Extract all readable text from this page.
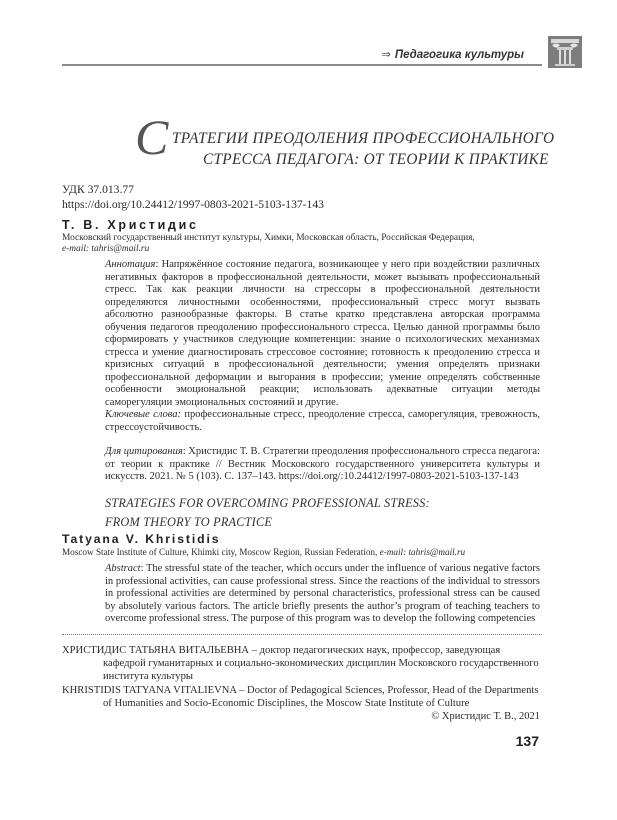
⇒ Педагогика культуры
С ТРАТЕГИИ ПРЕОДОЛЕНИЯ ПРОФЕССИОНАЛЬНОГО
СТРЕССА ПЕДАГОГА: ОТ ТЕОРИИ К ПРАКТИКЕ
УДК 37.013.77
https://doi.org/10.24412/1997-0803-2021-5103-137-143
Т. В. Христидис
Московский государственный институт культуры, Химки, Московская область, Российская Федерация,
e-mail: tahris@mail.ru
Аннотация: Напряжённое состояние педагога, возникающее у него при воздействии различных негативных факторов в профессиональной деятельности, может вызывать профессиональный стресс. Так как реакции личности на стрессоры в профессиональной деятельности определяются личностными особенностями, профессиональный стресс могут вызвать абсолютно разнообразные факторы. В статье кратко представлена авторская программа обучения педагогов преодолению профессионального стресса. Целью данной программы было сформировать у участников следующие компетенции: знание о психологических механизмах стресса и умение диагностировать стрессовое состояние; готовность к преодолению стресса и кризисных ситуаций в профессиональной деятельности; умения определять признаки профессиональной деформации и выгорания в профессии; умение определять собственные особенности эмоциональной реакции; использовать адекватные ситуации методы саморегуляции эмоциональных состояний и другие.
Ключевые слова: профессиональные стресс, преодоление стресса, саморегуляция, тревожность, стрессоустойчивость.
Для цитирования: Христидис Т. В. Стратегии преодоления профессионального стресса педагога: от теории к практике // Вестник Московского государственного университета культуры и искусств. 2021. № 5 (103). С. 137–143. https://doi.org/:10.24412/1997-0803-2021-5103-137-143
STRATEGIES FOR OVERCOMING PROFESSIONAL STRESS:
FROM THEORY TO PRACTICE
Tatyana V. Khristidis
Moscow State Institute of Culture, Khimki city, Moscow Region, Russian Federation, e-mail: tahris@mail.ru
Abstract: The stressful state of the teacher, which occurs under the influence of various negative factors in professional activities, can cause professional stress. Since the reactions of the individual to stressors in professional activities are determined by personal characteristics, professional stress can be caused by absolutely various factors. The article briefly presents the author’s program of teaching teachers to overcome professional stress. The purpose of this program was to develop the following competencies
ХРИСТИДИС ТАТЬЯНА ВИТАЛЬЕВНА – доктор педагогических наук, профессор, заведующая кафедрой гуманитарных и социально-экономических дисциплин Московского государственного института культуры
KHRISTIDIS TATYANA VITALIEVNA – Doctor of Pedagogical Sciences, Professor, Head of the Departments of Humanities and Socio-Economic Disciplines, the Moscow State Institute of Culture
© Христидис Т. В., 2021
137
